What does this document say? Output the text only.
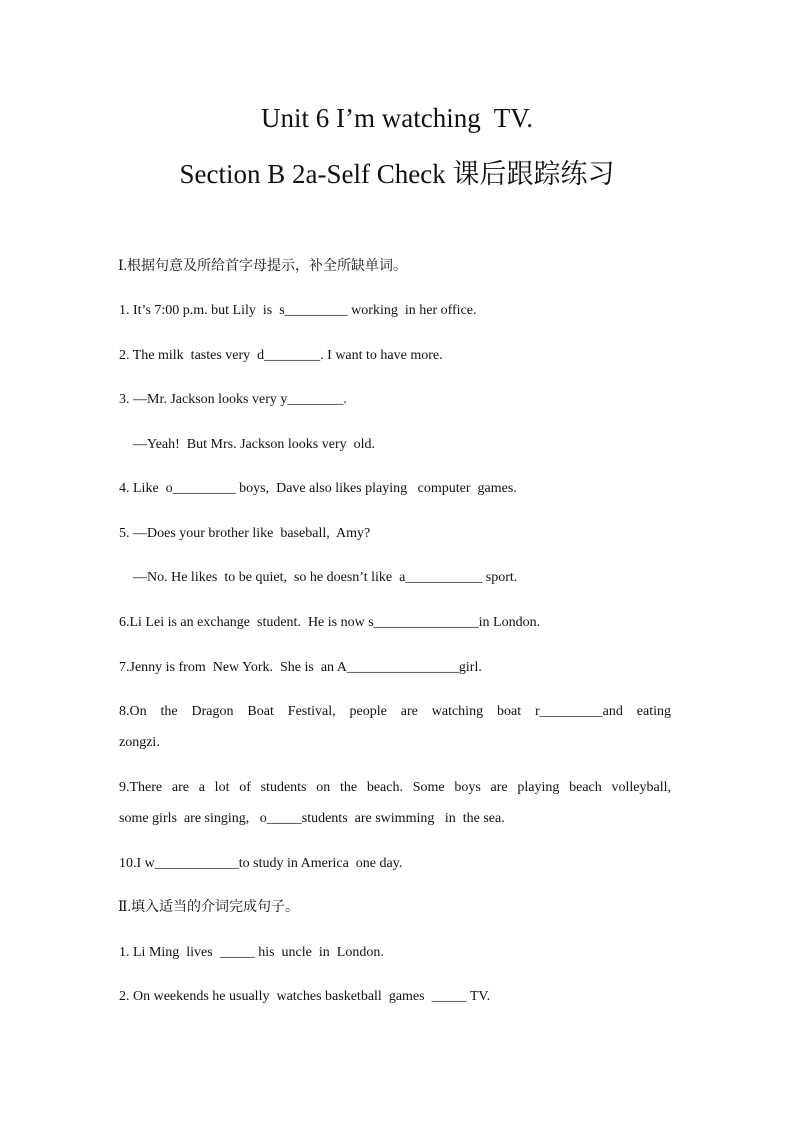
Unit 6 I’m watching  TV.
Section B 2a-Self Check 课后跟踪练习
Ⅰ.根据句意及所给首字母提示，补全所缺单词。
1. It’s 7:00 p.m. but Lily  is  s_________ working  in her office.
2. The milk  tastes very  d________. I want to have more.
3. —Mr. Jackson looks very y________.
—Yeah!  But Mrs. Jackson looks very  old.
4. Like  o_________ boys,  Dave also likes playing   computer  games.
5. —Does your brother like  baseball,  Amy?
—No. He likes  to be quiet,  so he doesn’t like  a___________ sport.
6.Li Lei is an exchange  student.  He is now s_______________in London.
7.Jenny is from  New York.  She is  an A________________girl.
8.On the Dragon Boat Festival, people are watching boat r_________and eating
zongzi.
9.There are a lot of students on the beach. Some boys are playing beach volleyball,
some girls  are singing,   o_____students  are swimming   in  the sea.
10.I w____________to study in America  one day.
Ⅱ.填入适当的介词完成句子。
1. Li Ming  lives  _____ his  uncle  in  London.
2. On weekends he usually  watches basketball  games  _____ TV.
